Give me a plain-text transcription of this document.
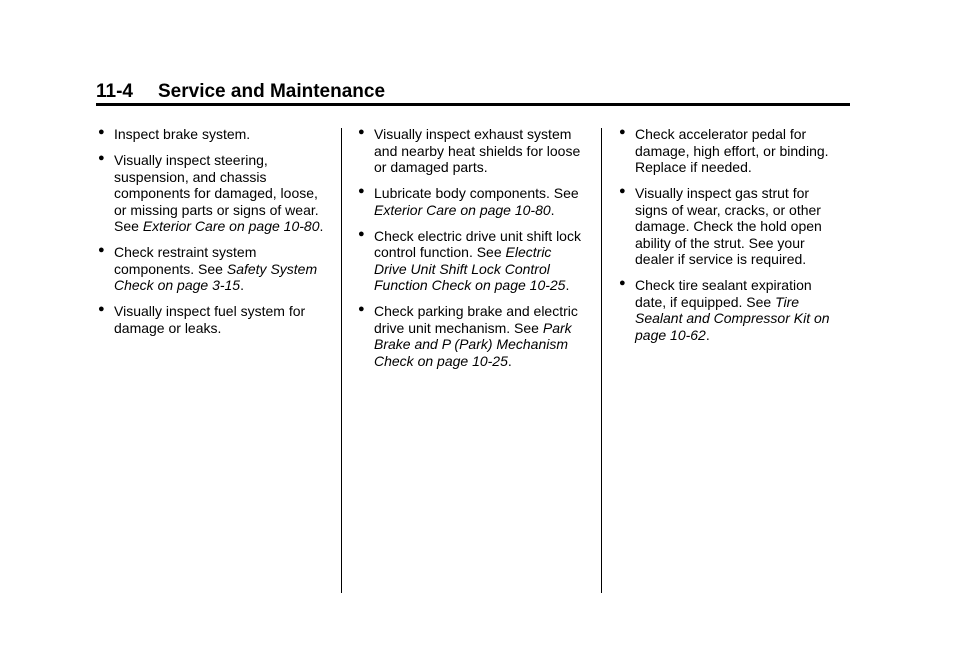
11-4 Service and Maintenance
● Inspect brake system.
● Visually inspect steering, suspension, and chassis components for damaged, loose, or missing parts or signs of wear. See Exterior Care on page 10-80.
● Check restraint system components. See Safety System Check on page 3-15.
● Visually inspect fuel system for damage or leaks.
● Visually inspect exhaust system and nearby heat shields for loose or damaged parts.
● Lubricate body components. See Exterior Care on page 10-80.
● Check electric drive unit shift lock control function. See Electric Drive Unit Shift Lock Control Function Check on page 10-25.
● Check parking brake and electric drive unit mechanism. See Park Brake and P (Park) Mechanism Check on page 10-25.
● Check accelerator pedal for damage, high effort, or binding. Replace if needed.
● Visually inspect gas strut for signs of wear, cracks, or other damage. Check the hold open ability of the strut. See your dealer if service is required.
● Check tire sealant expiration date, if equipped. See Tire Sealant and Compressor Kit on page 10-62.
